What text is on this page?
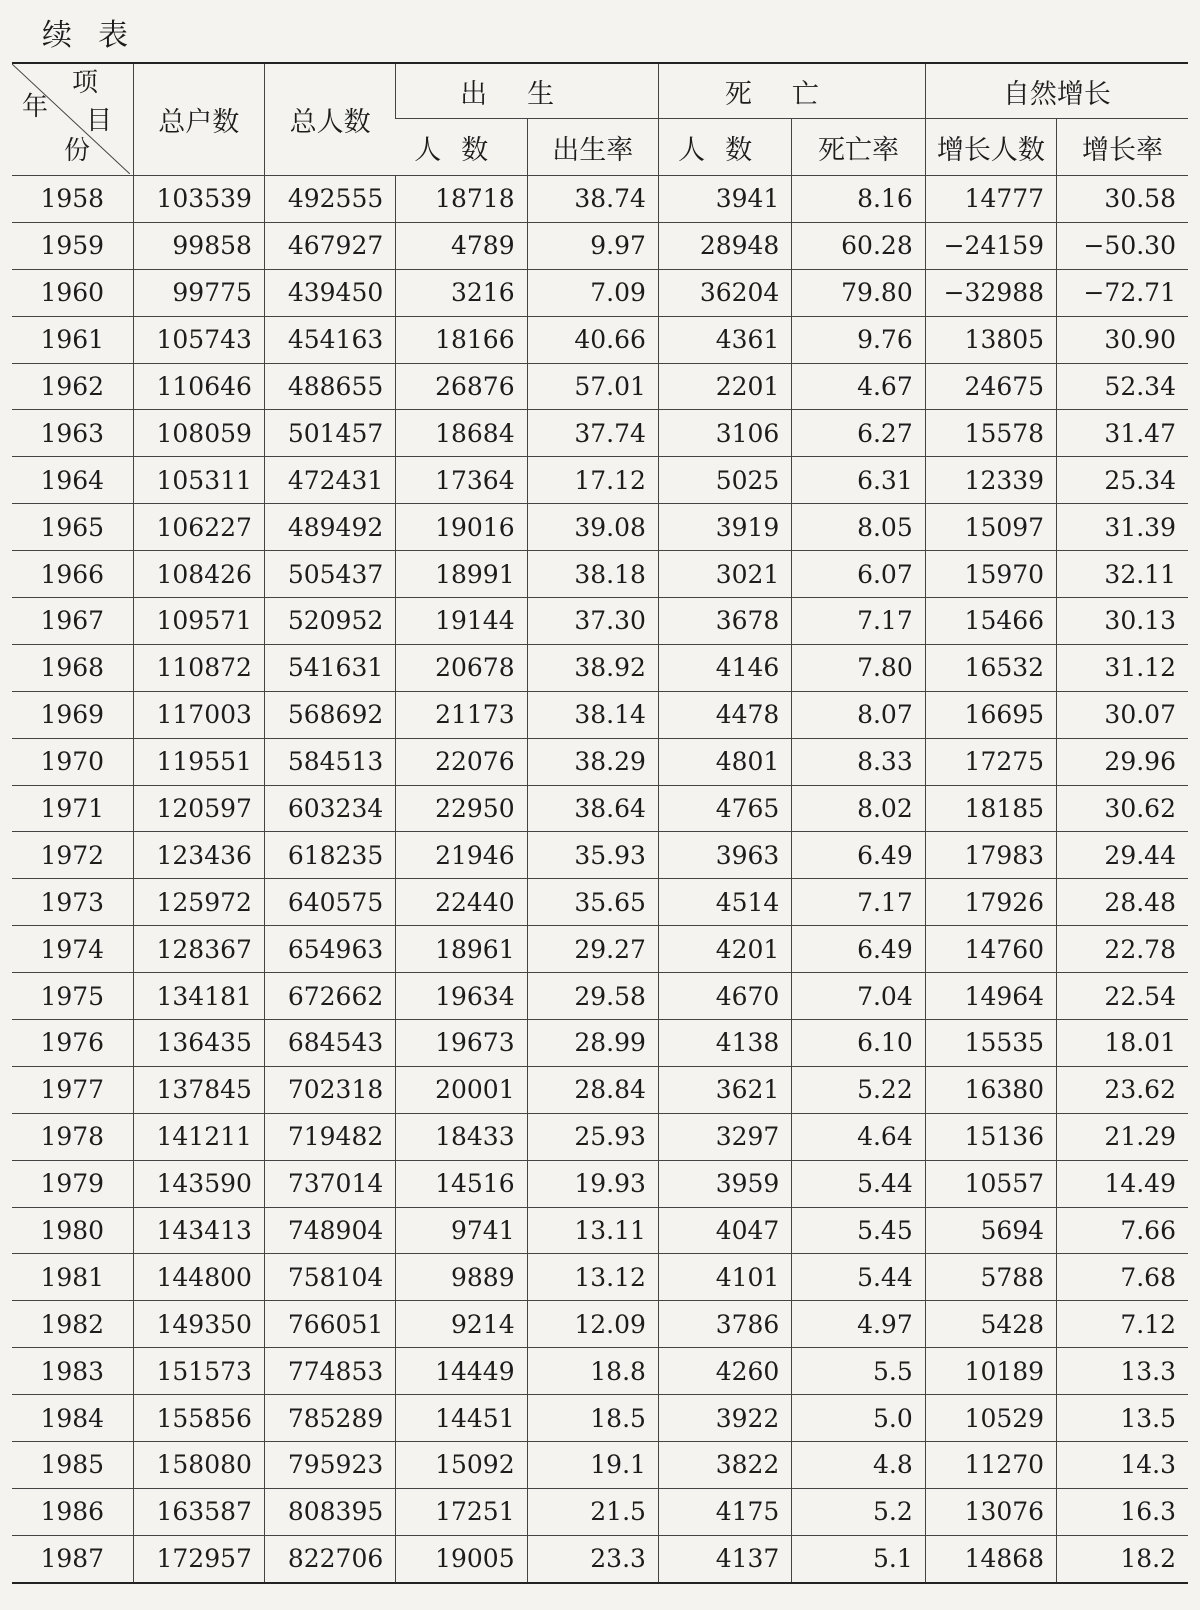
续表
项
目
年
份	总户数	总人数	出生		死亡		自然增长	
			人数	出生率	人数	死亡率	增长人数	增长率
1958	103539	492555	18718	38.74	3941	8.16	14777	30.58
1959	99858	467927	4789	9.97	28948	60.28	−24159	−50.30
1960	99775	439450	3216	7.09	36204	79.80	−32988	−72.71
1961	105743	454163	18166	40.66	4361	9.76	13805	30.90
1962	110646	488655	26876	57.01	2201	4.67	24675	52.34
1963	108059	501457	18684	37.74	3106	6.27	15578	31.47
1964	105311	472431	17364	17.12	5025	6.31	12339	25.34
1965	106227	489492	19016	39.08	3919	8.05	15097	31.39
1966	108426	505437	18991	38.18	3021	6.07	15970	32.11
1967	109571	520952	19144	37.30	3678	7.17	15466	30.13
1968	110872	541631	20678	38.92	4146	7.80	16532	31.12
1969	117003	568692	21173	38.14	4478	8.07	16695	30.07
1970	119551	584513	22076	38.29	4801	8.33	17275	29.96
1971	120597	603234	22950	38.64	4765	8.02	18185	30.62
1972	123436	618235	21946	35.93	3963	6.49	17983	29.44
1973	125972	640575	22440	35.65	4514	7.17	17926	28.48
1974	128367	654963	18961	29.27	4201	6.49	14760	22.78
1975	134181	672662	19634	29.58	4670	7.04	14964	22.54
1976	136435	684543	19673	28.99	4138	6.10	15535	18.01
1977	137845	702318	20001	28.84	3621	5.22	16380	23.62
1978	141211	719482	18433	25.93	3297	4.64	15136	21.29
1979	143590	737014	14516	19.93	3959	5.44	10557	14.49
1980	143413	748904	9741	13.11	4047	5.45	5694	7.66
1981	144800	758104	9889	13.12	4101	5.44	5788	7.68
1982	149350	766051	9214	12.09	3786	4.97	5428	7.12
1983	151573	774853	14449	18.8	4260	5.5	10189	13.3
1984	155856	785289	14451	18.5	3922	5.0	10529	13.5
1985	158080	795923	15092	19.1	3822	4.8	11270	14.3
1986	163587	808395	17251	21.5	4175	5.2	13076	16.3
1987	172957	822706	19005	23.3	4137	5.1	14868	18.2
